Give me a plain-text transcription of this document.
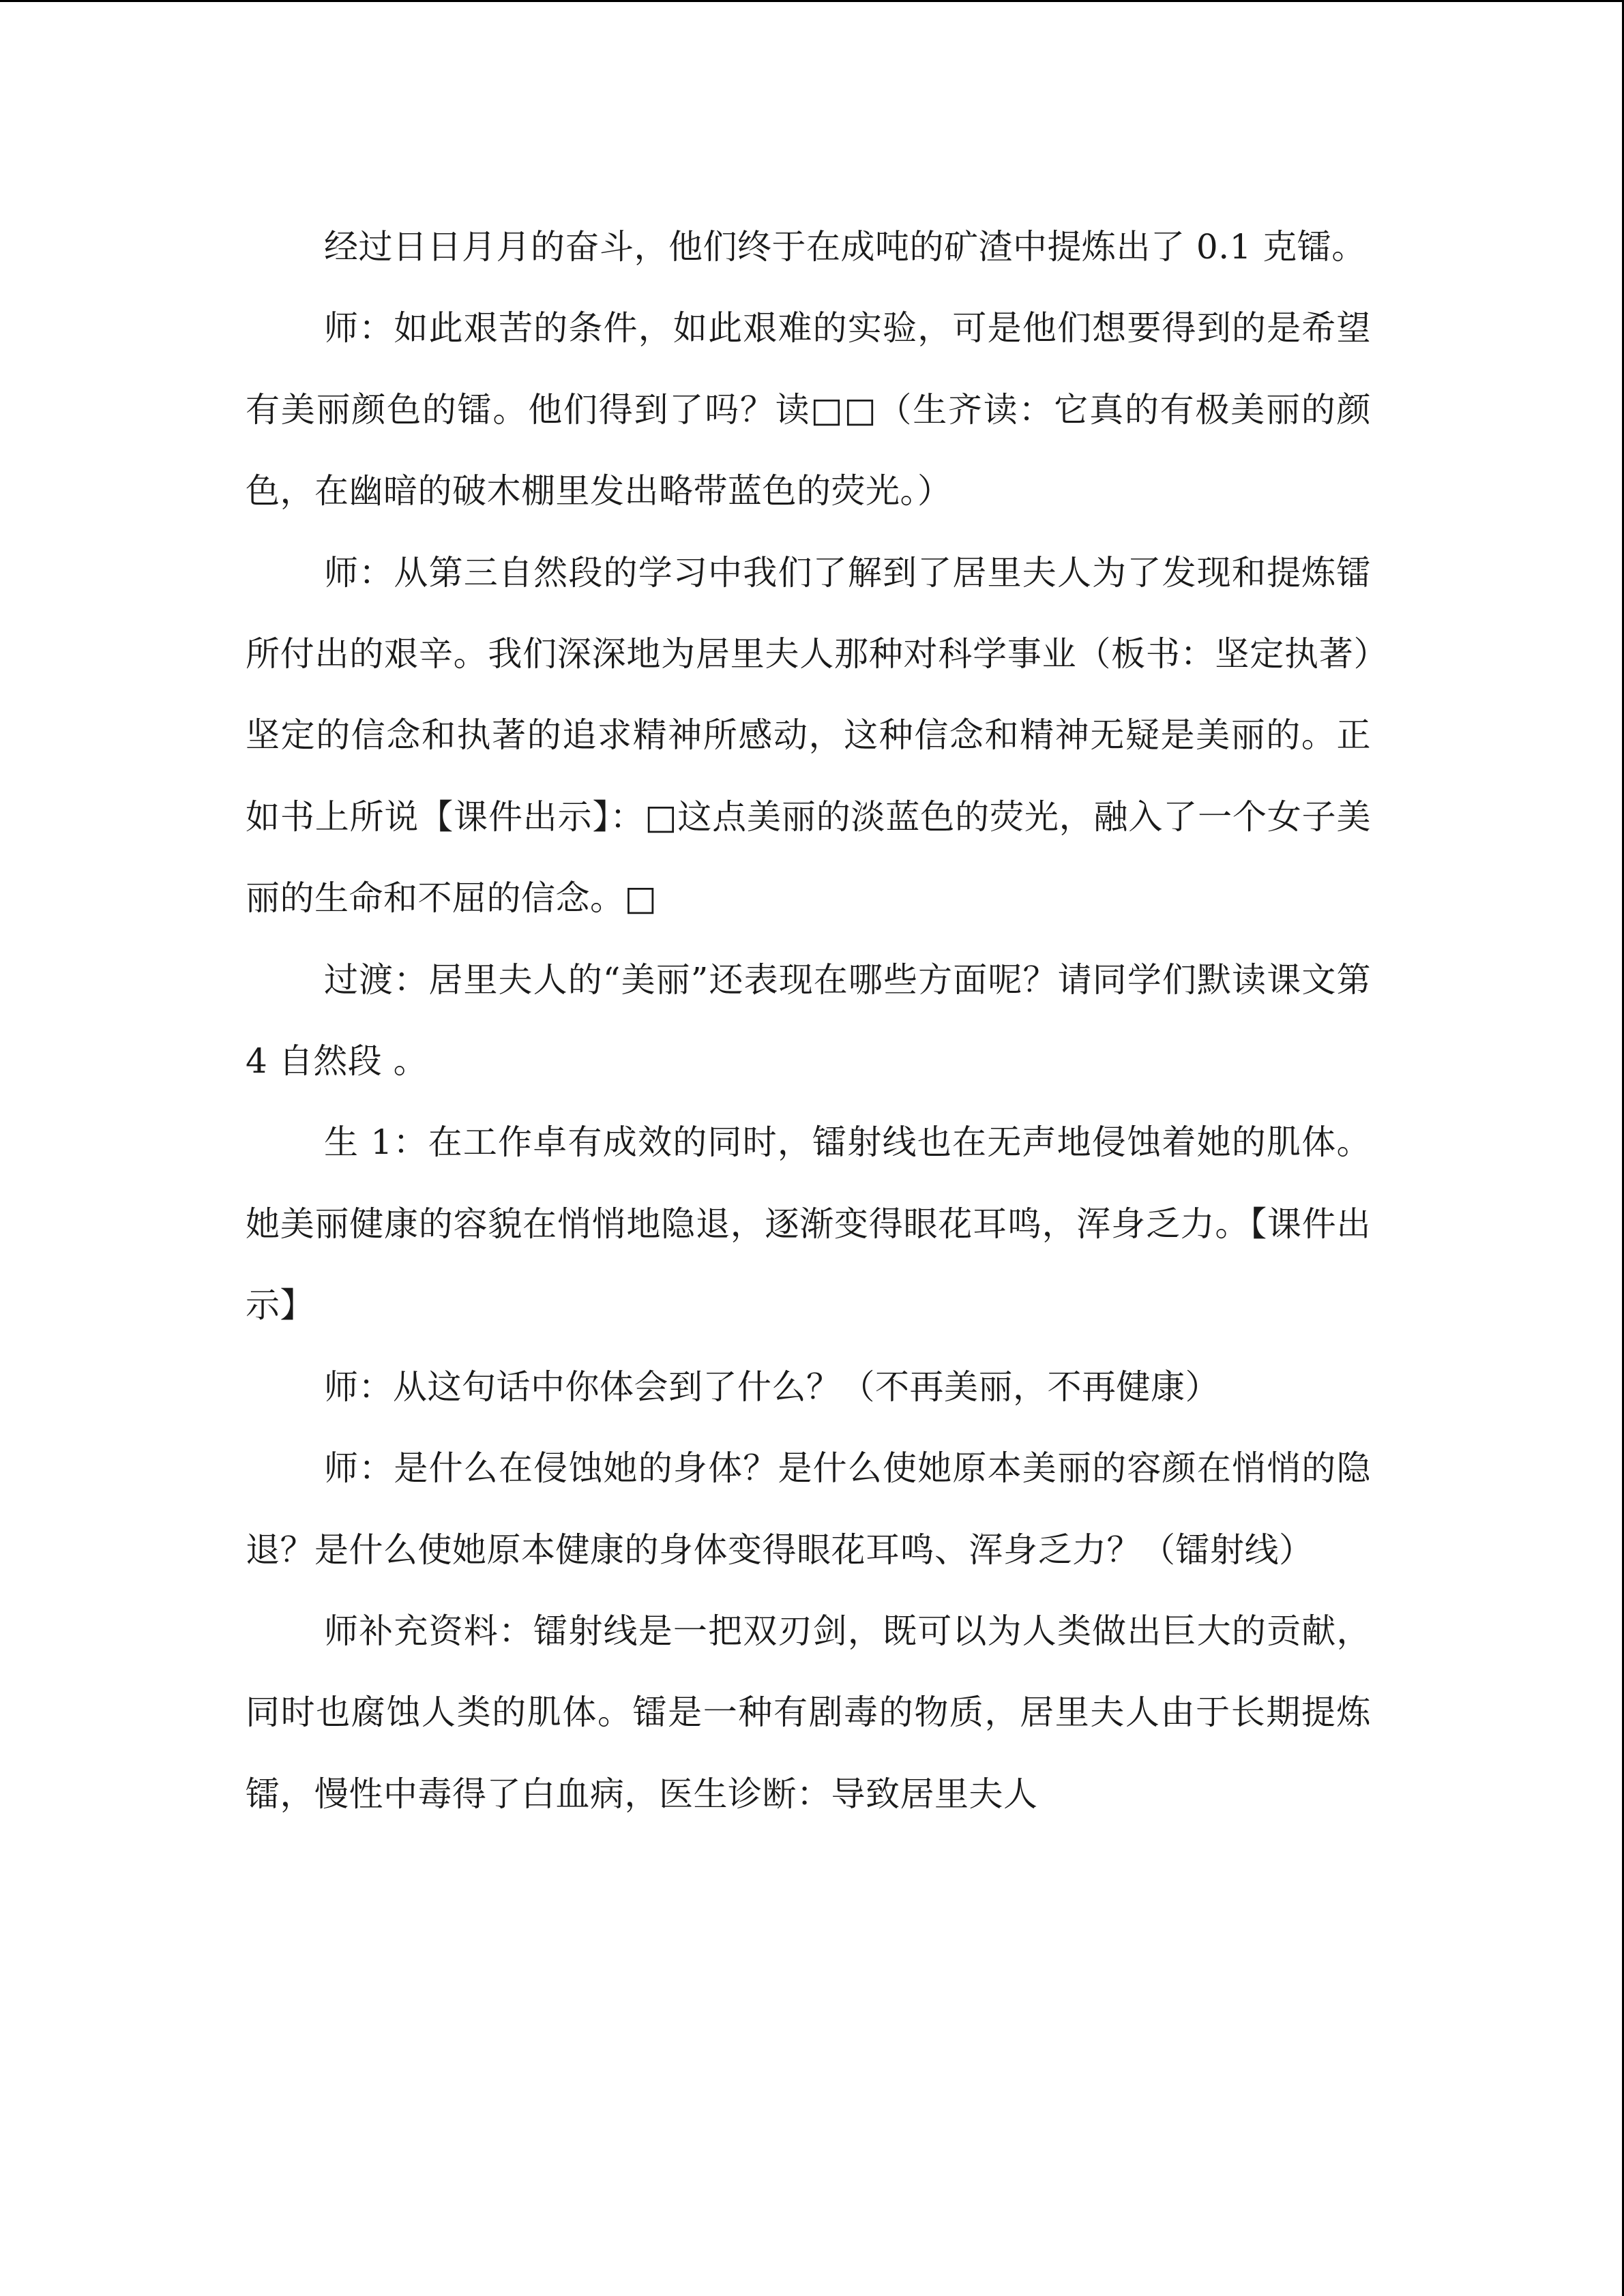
经过日日月月的奋斗，他们终于在成吨的矿渣中提炼出了 0.1 克镭。

师：如此艰苦的条件，如此艰难的实验，可是他们想要得到的是希望有美丽颜色的镭。他们得到了吗？读□□（生齐读：它真的有极美丽的颜色，在幽暗的破木棚里发出略带蓝色的荧光。）

师：从第三自然段的学习中我们了解到了居里夫人为了发现和提炼镭所付出的艰辛。我们深深地为居里夫人那种对科学事业（板书：坚定执著）坚定的信念和执著的追求精神所感动，这种信念和精神无疑是美丽的。正如书上所说【课件出示】：□这点美丽的淡蓝色的荧光，融入了一个女子美丽的生命和不屈的信念。□

过渡：居里夫人的“美丽”还表现在哪些方面呢？请同学们默读课文第 4 自然段 。

生 1：在工作卓有成效的同时，镭射线也在无声地侵蚀着她的肌体。她美丽健康的容貌在悄悄地隐退，逐渐变得眼花耳鸣，浑身乏力。【课件出示】

师：从这句话中你体会到了什么？（不再美丽，不再健康）

师：是什么在侵蚀她的身体？是什么使她原本美丽的容颜在悄悄的隐退？是什么使她原本健康的身体变得眼花耳鸣、浑身乏力？（镭射线）

师补充资料：镭射线是一把双刃剑，既可以为人类做出巨大的贡献，同时也腐蚀人类的肌体。镭是一种有剧毒的物质，居里夫人由于长期提炼镭，慢性中毒得了白血病，医生诊断：导致居里夫人
